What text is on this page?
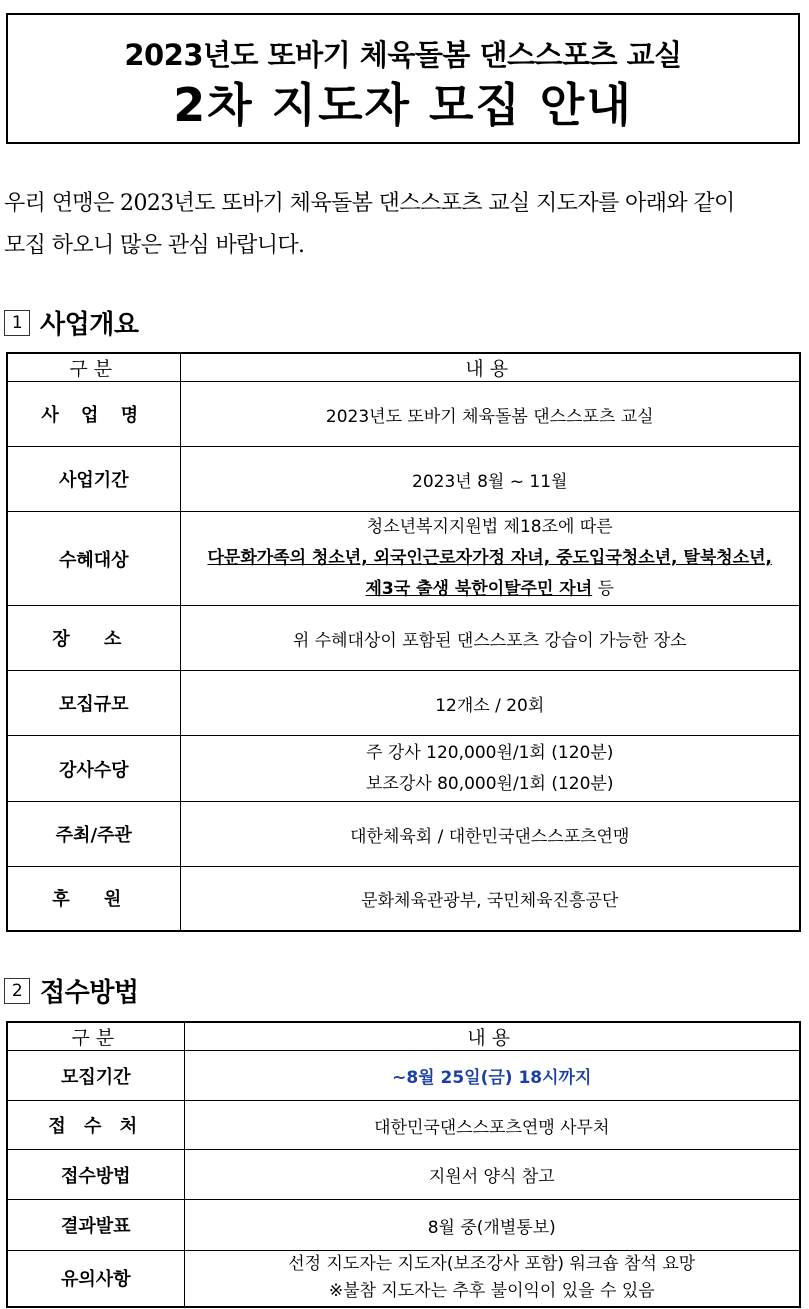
2023년도 또바기 체육돌봄 댄스스포츠 교실
2차 지도자 모집 안내
우리 연맹은 2023년도 또바기 체육돌봄 댄스스포츠 교실 지도자를 아래와 같이
모집 하오니 많은 관심 바랍니다.
1 사업개요
구분	내용
사 업 명	2023년도 또바기 체육돌봄 댄스스포츠 교실
사업기간	2023년 8월 ~ 11월
수혜대상	청소년복지지원법 제18조에 따른
다문화가족의 청소년, 외국인근로자가정 자녀, 중도입국청소년, 탈북청소년,
제3국 출생 북한이탈주민 자녀 등

장 소	위 수혜대상이 포함된 댄스스포츠 강습이 가능한 장소
모집규모	12개소 / 20회
강사수당	주 강사 120,000원/1회 (120분)
보조강사 80,000원/1회 (120분)

주최/주관	대한체육회 / 대한민국댄스스포츠연맹
후 원	문화체육관광부, 국민체육진흥공단
2 접수방법
구분	내용
모집기간	~8월 25일(금) 18시까지
접 수 처	대한민국댄스스포츠연맹 사무처
접수방법	지원서 양식 참고
결과발표	8월 중(개별통보)
유의사항	선정 지도자는 지도자(보조강사 포함) 워크숍 참석 요망
※불참 지도자는 추후 불이익이 있을 수 있음
